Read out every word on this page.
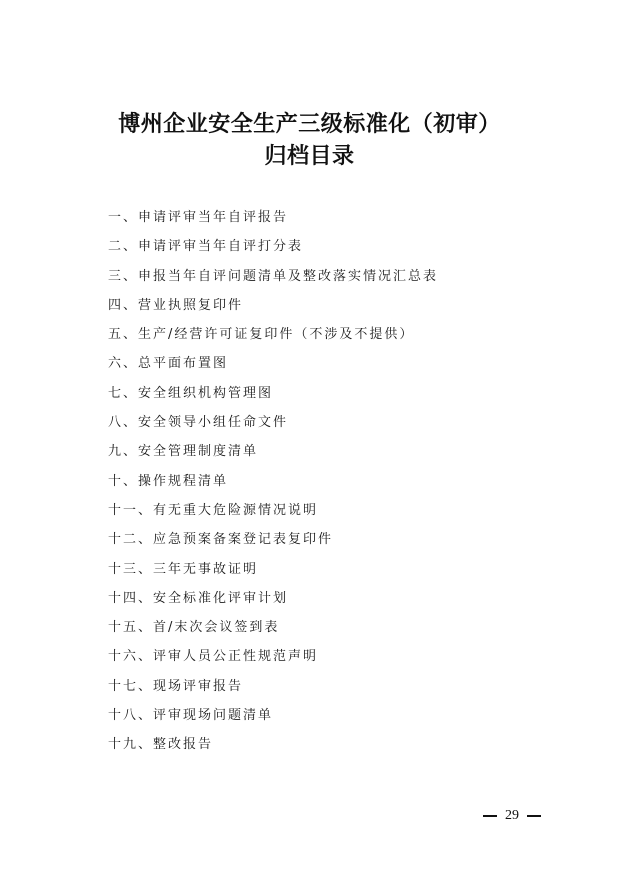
博州企业安全生产三级标准化（初审）
归档目录
一、申请评审当年自评报告
二、申请评审当年自评打分表
三、申报当年自评问题清单及整改落实情况汇总表
四、营业执照复印件
五、生产/经营许可证复印件（不涉及不提供）
六、总平面布置图
七、安全组织机构管理图
八、安全领导小组任命文件
九、安全管理制度清单
十、操作规程清单
十一、有无重大危险源情况说明
十二、应急预案备案登记表复印件
十三、三年无事故证明
十四、安全标准化评审计划
十五、首/末次会议签到表
十六、评审人员公正性规范声明
十七、现场评审报告
十八、评审现场问题清单
十九、整改报告
29
